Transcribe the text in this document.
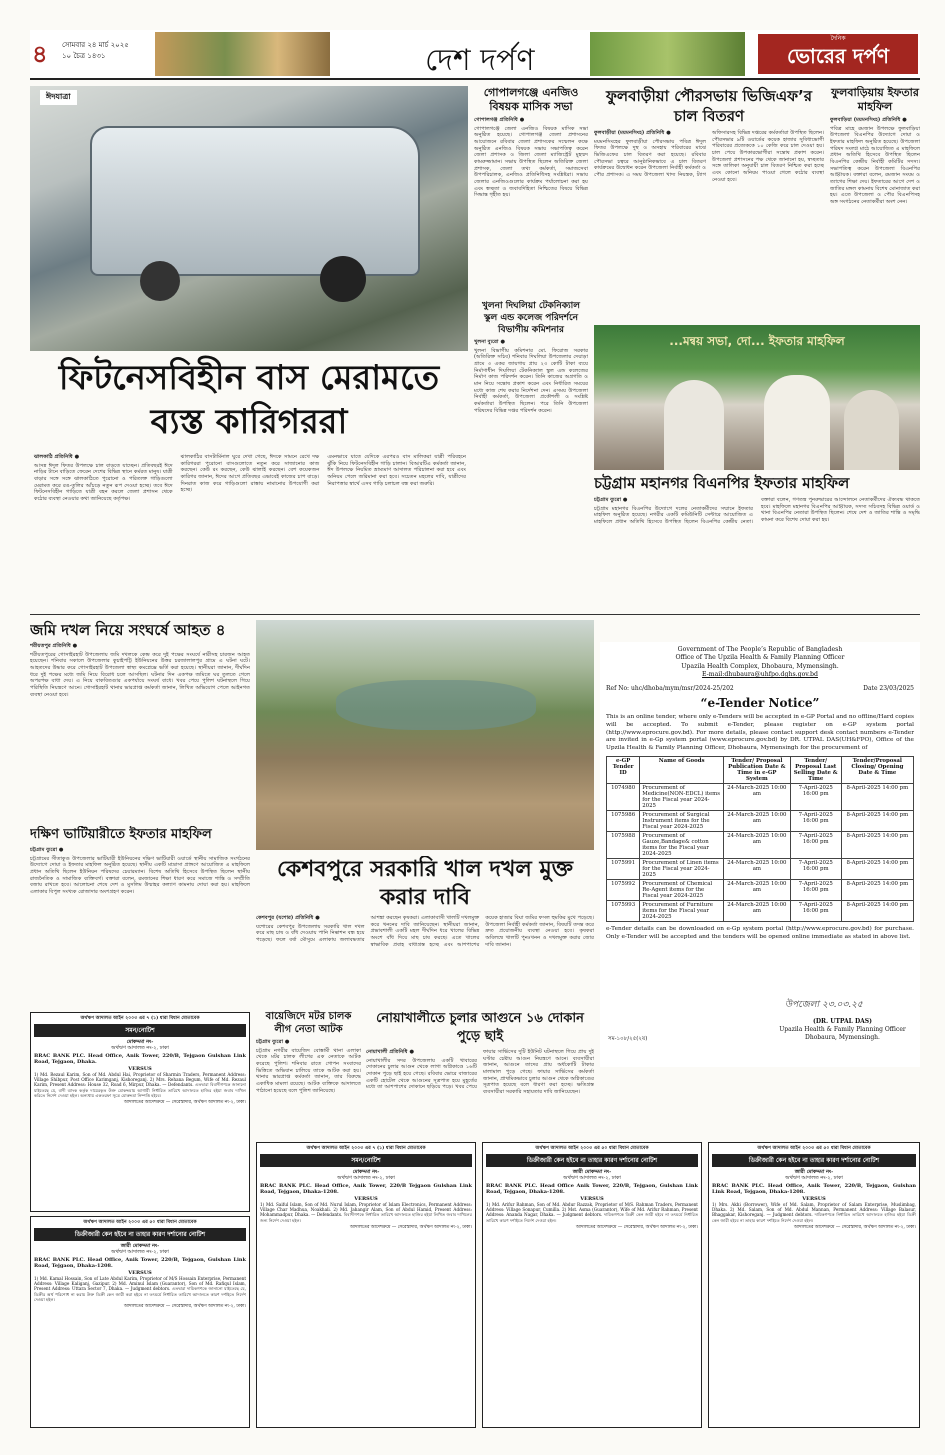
৪ সোমবার ২৪ মার্চ ২০২৫
১০ চৈত্র ১৪৩১	দেশ দর্পণ
দৈনিক
ভোরের দর্পণ
ঈদযাত্রা
ফিটনেসবিহীন বাস মেরামতে ব্যস্ত কারিগররা

ঝালকাঠি প্রতিনিধি ●

আসন্ন ঈদুল ফিতর উপলক্ষে চাল বাড়তে যাচ্ছেন। প্রতিবছরই ঈদে নাড়ির টানে বাড়িতে ফেরেন দেশের বিভিন্ন স্থানে কর্মরত মানুষ। যাত্রী বাড়ার সঙ্গে সঙ্গে ঝালকাঠিতে পুরোনো ও পরিত্যক্ত গাড়িগুলো মেরামত করে রঙ-তুলির আঁচড়ে নতুন রূপ দেওয়া হচ্ছে। তবে ঈদে ফিটনেসবিহীন গাড়িতে যাত্রী বহন করলে জেলা প্রশাসন থেকে কঠোর ব্যবস্থা নেওয়ার কথা জানিয়েছে কর্তৃপক্ষ।

ঝালকাঠির বাসটার্মিনাল ঘুরে দেখা গেছে, ঈদকে সামনে রেখে দক্ষ কারিগররা পুরোনো বাসগুলোতে নতুন করে সাজানোর কাজ করছেন। কেউ রং করছেন, কেউ ঝালাই করছেন। বেশ কয়েকজন কারিগর জানান, ঈদের আগে প্রতিবছর এভাবেই কাজের চাপ বাড়ে। দিনরাত কাজ করে গাড়িগুলো রাস্তায় নামানোর উপযোগী করা হচ্ছে।

এমনভাবে যাতে যেদিকে এরপরও বাস মালিকরা যাত্রী পরিবহনে ঝুঁকি নিয়ে ফিটনেসবিহীন গাড়ি চালান। বিআরটিএ কর্মকর্তা জানান, ঈদ উপলক্ষে নিয়মিত ভ্রাম্যমাণ আদালত পরিচালনা করা হবে এবং অনিয়ম পেলে জরিমানা করা হবে। সচেতন মহলের দাবি, যাত্রীদের নিরাপত্তার স্বার্থে এসব গাড়ি চলাচল বন্ধ করা জরুরি।

গোপালগঞ্জে এনজিও বিষয়ক মাসিক সভা

গোপালগঞ্জ প্রতিনিধি ●

গোপালগঞ্জে জেলা এনজিও বিষয়ক মাসিক সভা অনুষ্ঠিত হয়েছে। গোপালগঞ্জ জেলা প্রশাসনের আয়োজনে রবিবার জেলা প্রশাসকের সম্মেলন কক্ষে অনুষ্ঠিত এনজিও বিষয়ক সভায় সভাপতিত্ব করেন জেলা প্রশাসক ও জিলা জেলা ম্যাজিস্ট্রেট মুহম্মদ কামরুজ্জামান। সভায় উপস্থিত ছিলেন অতিরিক্ত জেলা প্রশাসক, জেলা তথ্য কর্মকর্তা, সমাজসেবা উপপরিচালক, এনজিও প্রতিনিধিসহ সংশ্লিষ্টরা। সভায় জেলার এনজিওগুলোর কার্যক্রম পর্যালোচনা করা হয় এবং স্বচ্ছতা ও জবাবদিহিতা নিশ্চিতের বিষয়ে বিভিন্ন সিদ্ধান্ত গৃহীত হয়।

খুলনা দিঘলিয়া টেকনিক্যাল স্কুল এন্ড কলেজ পরিদর্শনে বিভাগীয় কমিশনার

খুলনা ব্যুরো ●

খুলনা বিভাগীয় কমিশনার মো. ফিরোজ সরকার (অতিরিক্ত সচিব) শনিবার দিঘলিয়া উপজেলার দেয়াড়া গ্রামে ৩ একর জায়গায় প্রায় ২৩ কোটি টাকা ব্যয়ে নির্মাণাধীন দিঘলিয়া টেকনিক্যাল স্কুল এন্ড কলেজের নির্মাণ কাজ পরিদর্শন করেন। তিনি কাজের অগ্রগতি ও মান নিয়ে সন্তোষ প্রকাশ করেন এবং নির্ধারিত সময়ের মধ্যে কাজ শেষ করার নির্দেশনা দেন। এসময় উপজেলা নির্বাহী কর্মকর্তা, উপজেলা প্রকৌশলী ও সংশ্লিষ্ট কর্মকর্তারা উপস্থিত ছিলেন। পরে তিনি উপজেলা পরিষদের বিভিন্ন দপ্তর পরিদর্শন করেন।

ফুলবাড়ীয়া পৌরসভায় ভিজিএফ’র চাল বিতরণ

ফুলবাড়ীয়া (ময়মনসিংহ) প্রতিনিধি ●

ময়মনসিংহের ফুলবাড়ীয়া পৌরসভায় পবিত্র ঈদুল ফিতর উপলক্ষে দুস্থ ও অসহায় পরিবারের মাঝে ভিজিএফের চাল বিতরণ করা হয়েছে। রবিবার পৌরসভা চত্বরে আনুষ্ঠানিকভাবে এ চাল বিতরণ কার্যক্রমের উদ্বোধন করেন উপজেলা নির্বাহী কর্মকর্তা ও পৌর প্রশাসক। এ সময় উপজেলা খাদ্য নিয়ন্ত্রক, ট্যাগ অফিসারসহ বিভিন্ন দপ্তরের কর্মকর্তারা উপস্থিত ছিলেন। পৌরসভার ৯টি ওয়ার্ডের কয়েক হাজার সুবিধাভোগী পরিবারের প্রত্যেককে ১০ কেজি করে চাল দেওয়া হয়। চাল পেয়ে উপকারভোগীরা সন্তোষ প্রকাশ করেন। উপজেলা প্রশাসনের পক্ষ থেকে জানানো হয়, স্বচ্ছতার সঙ্গে তালিকা অনুযায়ী চাল বিতরণ নিশ্চিত করা হচ্ছে এবং কোনো অনিয়ম পাওয়া গেলে কঠোর ব্যবস্থা নেওয়া হবে।

ফুলবাড়িয়ায় ইফতার মাহফিল

ফুলবাড়িয়া (ময়মনসিংহ) প্রতিনিধি ●

পবিত্র মাহে রমজান উপলক্ষে ফুলবাড়িয়া উপজেলা বিএনপির উদ্যোগে দোয়া ও ইফতার মাহফিল অনুষ্ঠিত হয়েছে। উপজেলা পরিষদ সংলগ্ন মাঠে আয়োজিত এ মাহফিলে প্রধান অতিথি হিসেবে উপস্থিত ছিলেন বিএনপির কেন্দ্রীয় নির্বাহী কমিটির সদস্য। সভাপতিত্ব করেন উপজেলা বিএনপির আহ্বায়ক। বক্তারা বলেন, রমজান সংযম ও ত্যাগের শিক্ষা দেয়। ইফতারের আগে দেশ ও জাতির মঙ্গল কামনায় বিশেষ মোনাজাত করা হয়। এতে উপজেলা ও পৌর বিএনপিসহ অঙ্গ সংগঠনের নেতাকর্মীরা অংশ নেন।

...মন্বয় সভা, দো... ইফতার মাহফিল
চট্টগ্রাম মহানগর বিএনপির ইফতার মাহফিল

চট্টগ্রাম ব্যুরো ●

চট্টগ্রাম মহানগর বিএনপির উদ্যোগে দলের নেতাকর্মীদের সম্মানে ইফতার মাহফিল অনুষ্ঠিত হয়েছে। নগরীর একটি কমিউনিটি সেন্টারে আয়োজিত এ মাহফিলে প্রধান অতিথি হিসেবে উপস্থিত ছিলেন বিএনপির কেন্দ্রীয় নেতা। বক্তারা বলেন, গণতন্ত্র পুনরুদ্ধারের আন্দোলনে নেতাকর্মীদের ঐক্যবদ্ধ থাকতে হবে। মাহফিলে মহানগর বিএনপির আহ্বায়ক, সদস্য সচিবসহ বিভিন্ন ওয়ার্ড ও থানা বিএনপির নেতারা উপস্থিত ছিলেন। শেষে দেশ ও জাতির শান্তি ও সমৃদ্ধি কামনা করে বিশেষ দোয়া করা হয়।

জমি দখল নিয়ে সংঘর্ষে আহত ৪

শরীয়তপুর প্রতিনিধি ●

শরীয়তপুরের গোসাইরহাট উপজেলায় জমি দখলকে কেন্দ্র করে দুই পক্ষের সংঘর্ষে নারীসহ চারজন আহত হয়েছেন। শনিবার সকালে উপজেলার কুচাইপট্টি ইউনিয়নের উত্তর চরজালালপুর গ্রামে এ ঘটনা ঘটে। আহতদের উদ্ধার করে গোসাইরহাট উপজেলা স্বাস্থ্য কমপ্লেক্সে ভর্তি করা হয়েছে। স্থানীয়রা জানান, দীর্ঘদিন ধরে দুই পক্ষের মধ্যে জমি নিয়ে বিরোধ চলে আসছিল। ঘটনার দিন একপক্ষ জমিতে ঘর তুলতে গেলে অপরপক্ষ বাধা দেয়। এ নিয়ে বাকবিতণ্ডার একপর্যায়ে সংঘর্ষ বাধে। খবর পেয়ে পুলিশ ঘটনাস্থলে গিয়ে পরিস্থিতি নিয়ন্ত্রণে আনে। গোসাইরহাট থানার ভারপ্রাপ্ত কর্মকর্তা জানান, লিখিত অভিযোগ পেলে আইনগত ব্যবস্থা নেওয়া হবে।

দক্ষিণ ভাটিয়ারীতে ইফতার মাহফিল

চট্টগ্রাম ব্যুরো ●

চট্টগ্রামের সীতাকুণ্ড উপজেলার ভাটিয়ারী ইউনিয়নের দক্ষিণ ভাটিয়ারী ওয়ার্ডে স্থানীয় সামাজিক সংগঠনের উদ্যোগে দোয়া ও ইফতার মাহফিল অনুষ্ঠিত হয়েছে। স্থানীয় একটি মাদ্রাসা প্রাঙ্গণে আয়োজিত এ মাহফিলে প্রধান অতিথি ছিলেন ইউনিয়ন পরিষদের চেয়ারম্যান। বিশেষ অতিথি হিসেবে উপস্থিত ছিলেন স্থানীয় রাজনৈতিক ও সামাজিক ব্যক্তিবর্গ। বক্তারা বলেন, রমজানের শিক্ষা ধারণ করে সমাজে শান্তি ও সম্প্রীতি বজায় রাখতে হবে। আলোচনা শেষে দেশ ও মুসলিম উম্মাহর কল্যাণ কামনায় দোয়া করা হয়। মাহফিলে এলাকার বিপুল সংখ্যক রোজাদার অংশগ্রহণ করেন।

কেশবপুরে সরকারি খাল দখল মুক্ত করার দাবি

কেশবপুর (যশোর) প্রতিনিধি ●

যশোরের কেশবপুর উপজেলায় সরকারি খাল দখল করে মাছ চাষ ও বাঁধ দেওয়ায় পানি নিষ্কাশন বন্ধ হয়ে পড়েছে। ফলে বর্ষা মৌসুমে এলাকায় জলাবদ্ধতার আশঙ্কা করছেন কৃষকরা। এলাকাবাসী খালটি দখলমুক্ত করে খননের দাবি জানিয়েছেন। স্থানীয়রা জানান, প্রভাবশালী একটি মহল দীর্ঘদিন ধরে খালের বিভিন্ন অংশে বাঁধ দিয়ে মাছ চাষ করছে। এতে খালের স্বাভাবিক প্রবাহ বাধাগ্রস্ত হচ্ছে এবং আশপাশের কয়েক হাজার বিঘা জমির ফসল হুমকির মুখে পড়েছে। উপজেলা নির্বাহী কর্মকর্তা জানান, বিষয়টি তদন্ত করে দ্রুত প্রয়োজনীয় ব্যবস্থা নেওয়া হবে। কৃষকরা অবিলম্বে খালটি পুনঃখনন ও দখলমুক্ত করার জোর দাবি জানান।

Government of The People’s Republic of Bangladesh
Office of The Upzila Health & Family Planning Officer
Upazila Health Complex, Dhobaura, Mymensingh.
E-mail:dhubaura@uhfpo.dghs.gov.bd
Ref No: uhc/dhoba/mym/msr/2024-25/202	Date 23/03/2025
“e-Tender Notice”
This is an online tender, where only e-Tenders will be accepted in e-GP Portal and no offline/Hard copies will be accepted. To submit e-Tender, please register on e-GP system portal (http://www.eprocure.gov.bd). For more details, please contact support desk contact numbers e-Tender are invited in e-Gp system portal (www.eprocure.gov.bd) by DR. UTPAL DAS(UH&FPO), Office of the Upzila Health & Family Planning Officer, Dhobaura, Mymensingh for the procurement of
e-GP Tender ID	Name of Goods	Tender/ Proposal Publication Date & Time in e-GP System	Tender/ Proposal Last Selling Date & Time	Tender/Proposal Closing/ Opening Date & Time
1074980	Procurement of Medicine(NON-EDCL) items for the Fiscal year 2024-2025	24-March-2025 10:00 am	7-April-2025 16:00 pm	8-April-2025 14:00 pm
1075986	Procurement of Surgical Instrument items for the Fiscal year 2024-2025	24-March-2025 10:00 am	7-April-2025 16:00 pm	8-April-2025 14:00 pm
1075988	Procurement of Gauze,Bandage& cotton items for the Fiscal year 2024-2025	24-March-2025 10:00 am	7-April-2025 16:00 pm	8-April-2025 14:00 pm
1075991	Procurement of Linen items for the Fiscal year 2024-2025	24-March-2025 10:00 am	7-April-2025 16:00 pm	8-April-2025 14:00 pm
1075992	Procurement of Chemical Re-Agent items for the Fiscal year 2024-2025	24-March-2025 10:00 am	7-April-2025 16:00 pm	8-April-2025 14:00 pm
1075993	Procurement of Furniture items for the Fiscal year 2024-2025	24-March-2025 10:00 am	7-April-2025 16:00 pm	8-April-2025 14:00 pm
e-Tender details can be downloaded on e-Gp system portal (http://www.eprocure.gov.bd) for purchase. Only e-Tender will be accepted and the tenders will be opened online immediate as stated in above list.
উপজেলা ২৩.০৩.২৫
(DR. UTPAL DAS)
Upazila Health & Family Planning Officer
Dhobaura, Mymensingh.
সম-১০৮/২৫(২য়)
বায়েজিদে মটর চালক লীগ নেতা আটক

চট্টগ্রাম ব্যুরো ●

চট্টগ্রাম নগরীর বায়েজিদ বোস্তামী থানা এলাকা থেকে মটর চালক লীগের এক নেতাকে আটক করেছে পুলিশ। শনিবার রাতে গোপন সংবাদের ভিত্তিতে অভিযান চালিয়ে তাকে আটক করা হয়। থানার ভারপ্রাপ্ত কর্মকর্তা জানান, তার বিরুদ্ধে একাধিক মামলা রয়েছে। আটক ব্যক্তিকে আদালতে পাঠানো হয়েছে বলে পুলিশ জানিয়েছে।

নোয়াখালীতে চুলার আগুনে ১৬ দোকান পুড়ে ছাই

নোয়াখালী প্রতিনিধি ●

নোয়াখালীর সদর উপজেলায় একটি খাবারের দোকানের চুলার আগুন থেকে লাগা অগ্নিকাণ্ডে ১৬টি দোকান পুড়ে ছাই হয়ে গেছে। রবিবার ভোরে বাজারের একটি হোটেল থেকে আগুনের সূত্রপাত হয়ে মুহূর্তের মধ্যে তা আশপাশের দোকানে ছড়িয়ে পড়ে। খবর পেয়ে ফায়ার সার্ভিসের দুটি ইউনিট ঘটনাস্থলে গিয়ে প্রায় দুই ঘণ্টার চেষ্টায় আগুন নিয়ন্ত্রণে আনে। ব্যবসায়ীরা জানান, আগুনে তাদের প্রায় অর্ধকোটি টাকার মালামাল পুড়ে গেছে। ফায়ার সার্ভিসের কর্মকর্তা জানান, প্রাথমিকভাবে চুলার আগুন থেকে অগ্নিকাণ্ডের সূত্রপাত হয়েছে বলে ধারণা করা হচ্ছে। ক্ষতিগ্রস্ত ব্যবসায়ীরা সরকারি সহায়তার দাবি জানিয়েছেন।

অর্থঋণ আদালত আইন ২০০৩ এর ৭ (১) ধারা বিধান মোতাবেক
সমন/নোটিশ
মোকদ্দমা নং-
অর্থঋণ আদালত নং-২, ঢাকা
BRAC BANK PLC. Head Office, Anik Tower, 220/B, Tejgaon Gulshan Link Road, Tejgaon, Dhaka.
VERSUS
1) Md. Rezaul Karim, Son of Md. Abdul Hai, Proprietor of Sharmin Traders, Permanent Address: Village Shibpur, Post Office Karimganj, Kishoreganj. 2) Mrs. Rehana Begum, Wife of Md. Rezaul Karim, Present Address: House 32, Road 6, Mirpur, Dhaka. — Defendants. এতদ্বারা বিবাদীগণকে জানানো যাইতেছে যে, বাদী ব্যাংক কর্তৃক দায়েরকৃত উক্ত মোকদ্দমায় আগামী নির্ধারিত তারিখে আদালতে হাজির হইয়া জবাব দাখিল করিতে নির্দেশ দেওয়া হইল। অন্যথায় একতরফা সূত্রে মোকদ্দমা নিষ্পত্তি হইবে।
আদালতের আদেশক্রমে — সেরেস্তাদার, অর্থঋণ আদালত নং-২, ঢাকা।
অর্থঋণ আদালত আইন ২০০৩ এর ৫০ ধারা বিধান মোতাবেক
ডিক্রীজারী কেন হইবে না তাহার কারণ দর্শানোর নোটিশ
জারী মোকদ্দমা নং-
অর্থঋণ আদালত নং-২, ঢাকা
BRAC BANK PLC. Head Office, Anik Tower, 220/B, Tejgaon, Gulshan Link Road, Tejgaon, Dhaka-1208.
VERSUS
1) Md. Kamal Hossain, Son of Late Abdul Karim, Proprietor of M/S Hossain Enterprise, Permanent Address: Village Kaliganj, Gazipur. 2) Md. Aminul Islam (Guarantor), Son of Md. Rafiqul Islam, Present Address: Uttara Sector 7, Dhaka. — Judgment debtors. এতদ্বারা দায়িকগণকে জানানো যাইতেছে যে, ডিক্রীর অর্থ পরিশোধ না করায় উক্ত ডিক্রী কেন জারী করা হইবে না তৎমর্মে নির্ধারিত তারিখে আদালতে কারণ দর্শাইতে নির্দেশ দেওয়া হইল।
আদালতের আদেশক্রমে — সেরেস্তাদার, অর্থঋণ আদালত নং-২, ঢাকা।
অর্থঋণ আদালত আইন ২০০৩ এর ৭ (১) ধারা বিধান মোতাবেক
সমন/নোটিশ
মোকদ্দমা নং-
অর্থঋণ আদালত নং-২, ঢাকা
BRAC BANK PLC. Head Office, Anik Tower, 220/B Tejgaon Gulshan Link Road, Tejgaon, Dhaka-1208.
VERSUS
1) Md. Saiful Islam, Son of Md. Nurul Islam, Proprietor of Islam Electronics, Permanent Address: Village Char Madhua, Noakhali. 2) Md. Jahangir Alam, Son of Abdul Hamid, Present Address: Mohammadpur, Dhaka. — Defendants. বিবাদীগণকে নির্ধারিত তারিখে আদালতে হাজির হইয়া লিখিত জবাব দাখিলের জন্য নির্দেশ দেওয়া হইল।
আদালতের আদেশক্রমে — সেরেস্তাদার, অর্থঋণ আদালত নং-২, ঢাকা।
অর্থঋণ আদালত আইন ২০০৩ এর ৫০ ধারা বিধান মোতাবেক
ডিক্রীজারী কেন হইবে না তাহার কারণ দর্শানোর নোটিশ
জারী মোকদ্দমা নং-
অর্থঋণ আদালত নং-২, ঢাকা
BRAC BANK PLC. Head Office Anik Tower, 220/B, Tejgaon, Gulshan Link Road, Tejgaon, Dhaka-1208.
VERSUS
1) Md. Arifur Rahman, Son of Md. Abdur Razzak, Proprietor of M/S. Rahman Traders, Permanent Address: Village Sonapur, Cumilla. 2) Mst. Asma (Guarantor), Wife of Md. Arifur Rahman, Present Address: Ananda Nagar, Dhaka. — Judgment debtors. দায়িকগণকে ডিক্রী কেন জারী হইবে না তৎমর্মে নির্ধারিত তারিখে কারণ দর্শাইতে নির্দেশ দেওয়া হইল।
আদালতের আদেশক্রমে — সেরেস্তাদার, অর্থঋণ আদালত নং-২, ঢাকা।
অর্থঋণ আদালত আইন ২০০৩ এর ৫০ ধারা বিধান মোতাবেক
ডিক্রীজারী কেন হইবে না তাহার কারণ দর্শানোর নোটিশ
জারী মোকদ্দমা নং-
অর্থঋণ আদালত নং-২, ঢাকা
BRAC BANK PLC. Head Office, Anik Tower, 220/B, Tejgaon, Gulshan Link Road, Tejgaon, Dhaka-1208.
VERSUS
1) Mrs. Akhi (Borrower), Wife of Md. Salam, Proprietor of Salam Enterprise, Muslimbag, Dhaka. 2) Md. Salam, Son of Md. Abdul Mannan, Permanent Address: Village Balasur, Bhaggakar, Kishoreganj. — Judgment debtors. দায়িকগণকে নির্ধারিত তারিখে আদালতে হাজির হইয়া ডিক্রী কেন জারী হইবে না তাহার কারণ দর্শাইতে নির্দেশ দেওয়া হইল।
আদালতের আদেশক্রমে — সেরেস্তাদার, অর্থঋণ আদালত নং-২, ঢাকা।
